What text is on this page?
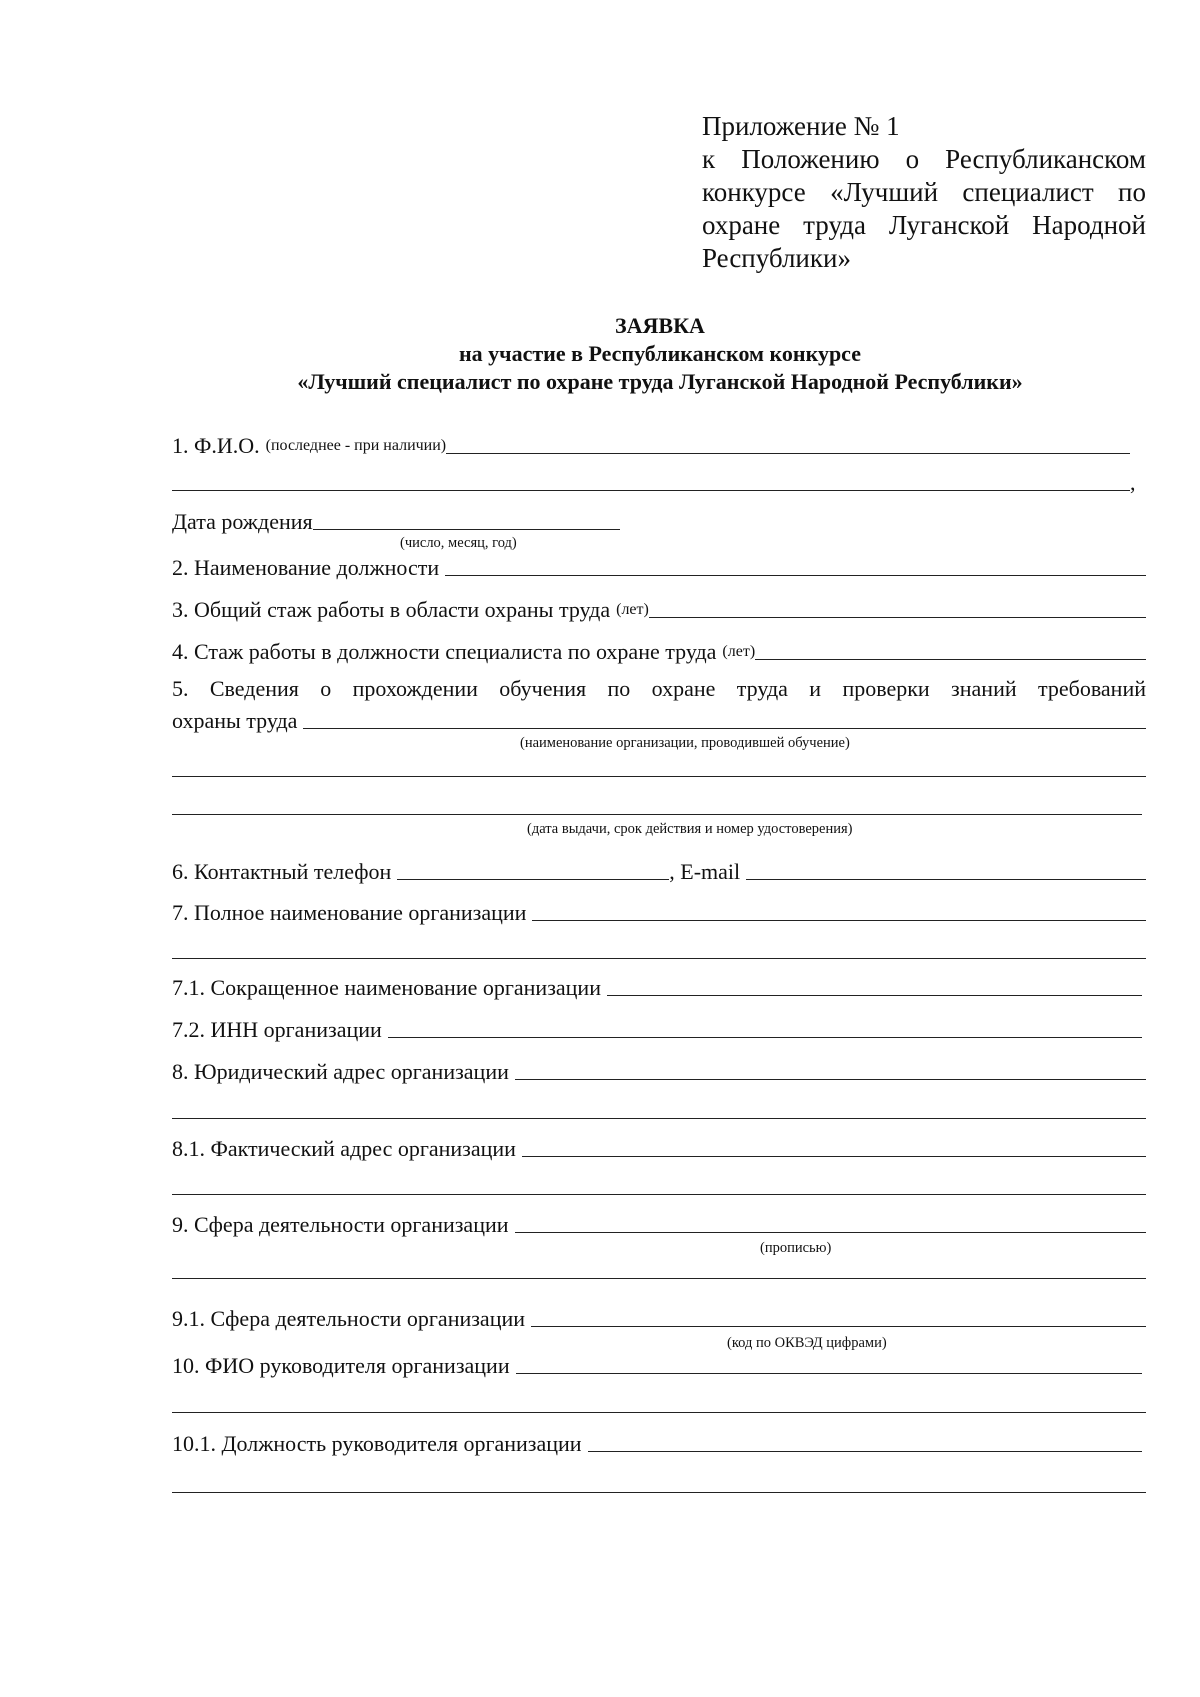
Приложение № 1
к Положению о Республиканском конкурсе «Лучший специалист по охране труда Луганской Народной
Республики»
ЗАЯВКА
на участие в Республиканском конкурсе
«Лучший специалист по охране труда Луганской Народной Республики»
1. Ф.И.О. (последнее - при наличии)
,
Дата рождения
(число, месяц, год)
2. Наименование должности
3. Общий стаж работы в области охраны труда (лет)
4. Стаж работы в должности специалиста по охране труда (лет)
5. Сведения о прохождении обучения по охране труда и проверки знаний требований
охраны труда
(наименование организации, проводившей обучение)
(дата выдачи, срок действия и номер удостоверения)
6. Контактный телефон	, E-mail
7. Полное наименование организации
7.1. Сокращенное наименование организации
7.2. ИНН организации
8. Юридический адрес организации
8.1. Фактический адрес организации
9. Сфера деятельности организации
(прописью)
9.1. Сфера деятельности организации
(код по ОКВЭД цифрами)
10. ФИО руководителя организации
10.1. Должность руководителя организации
